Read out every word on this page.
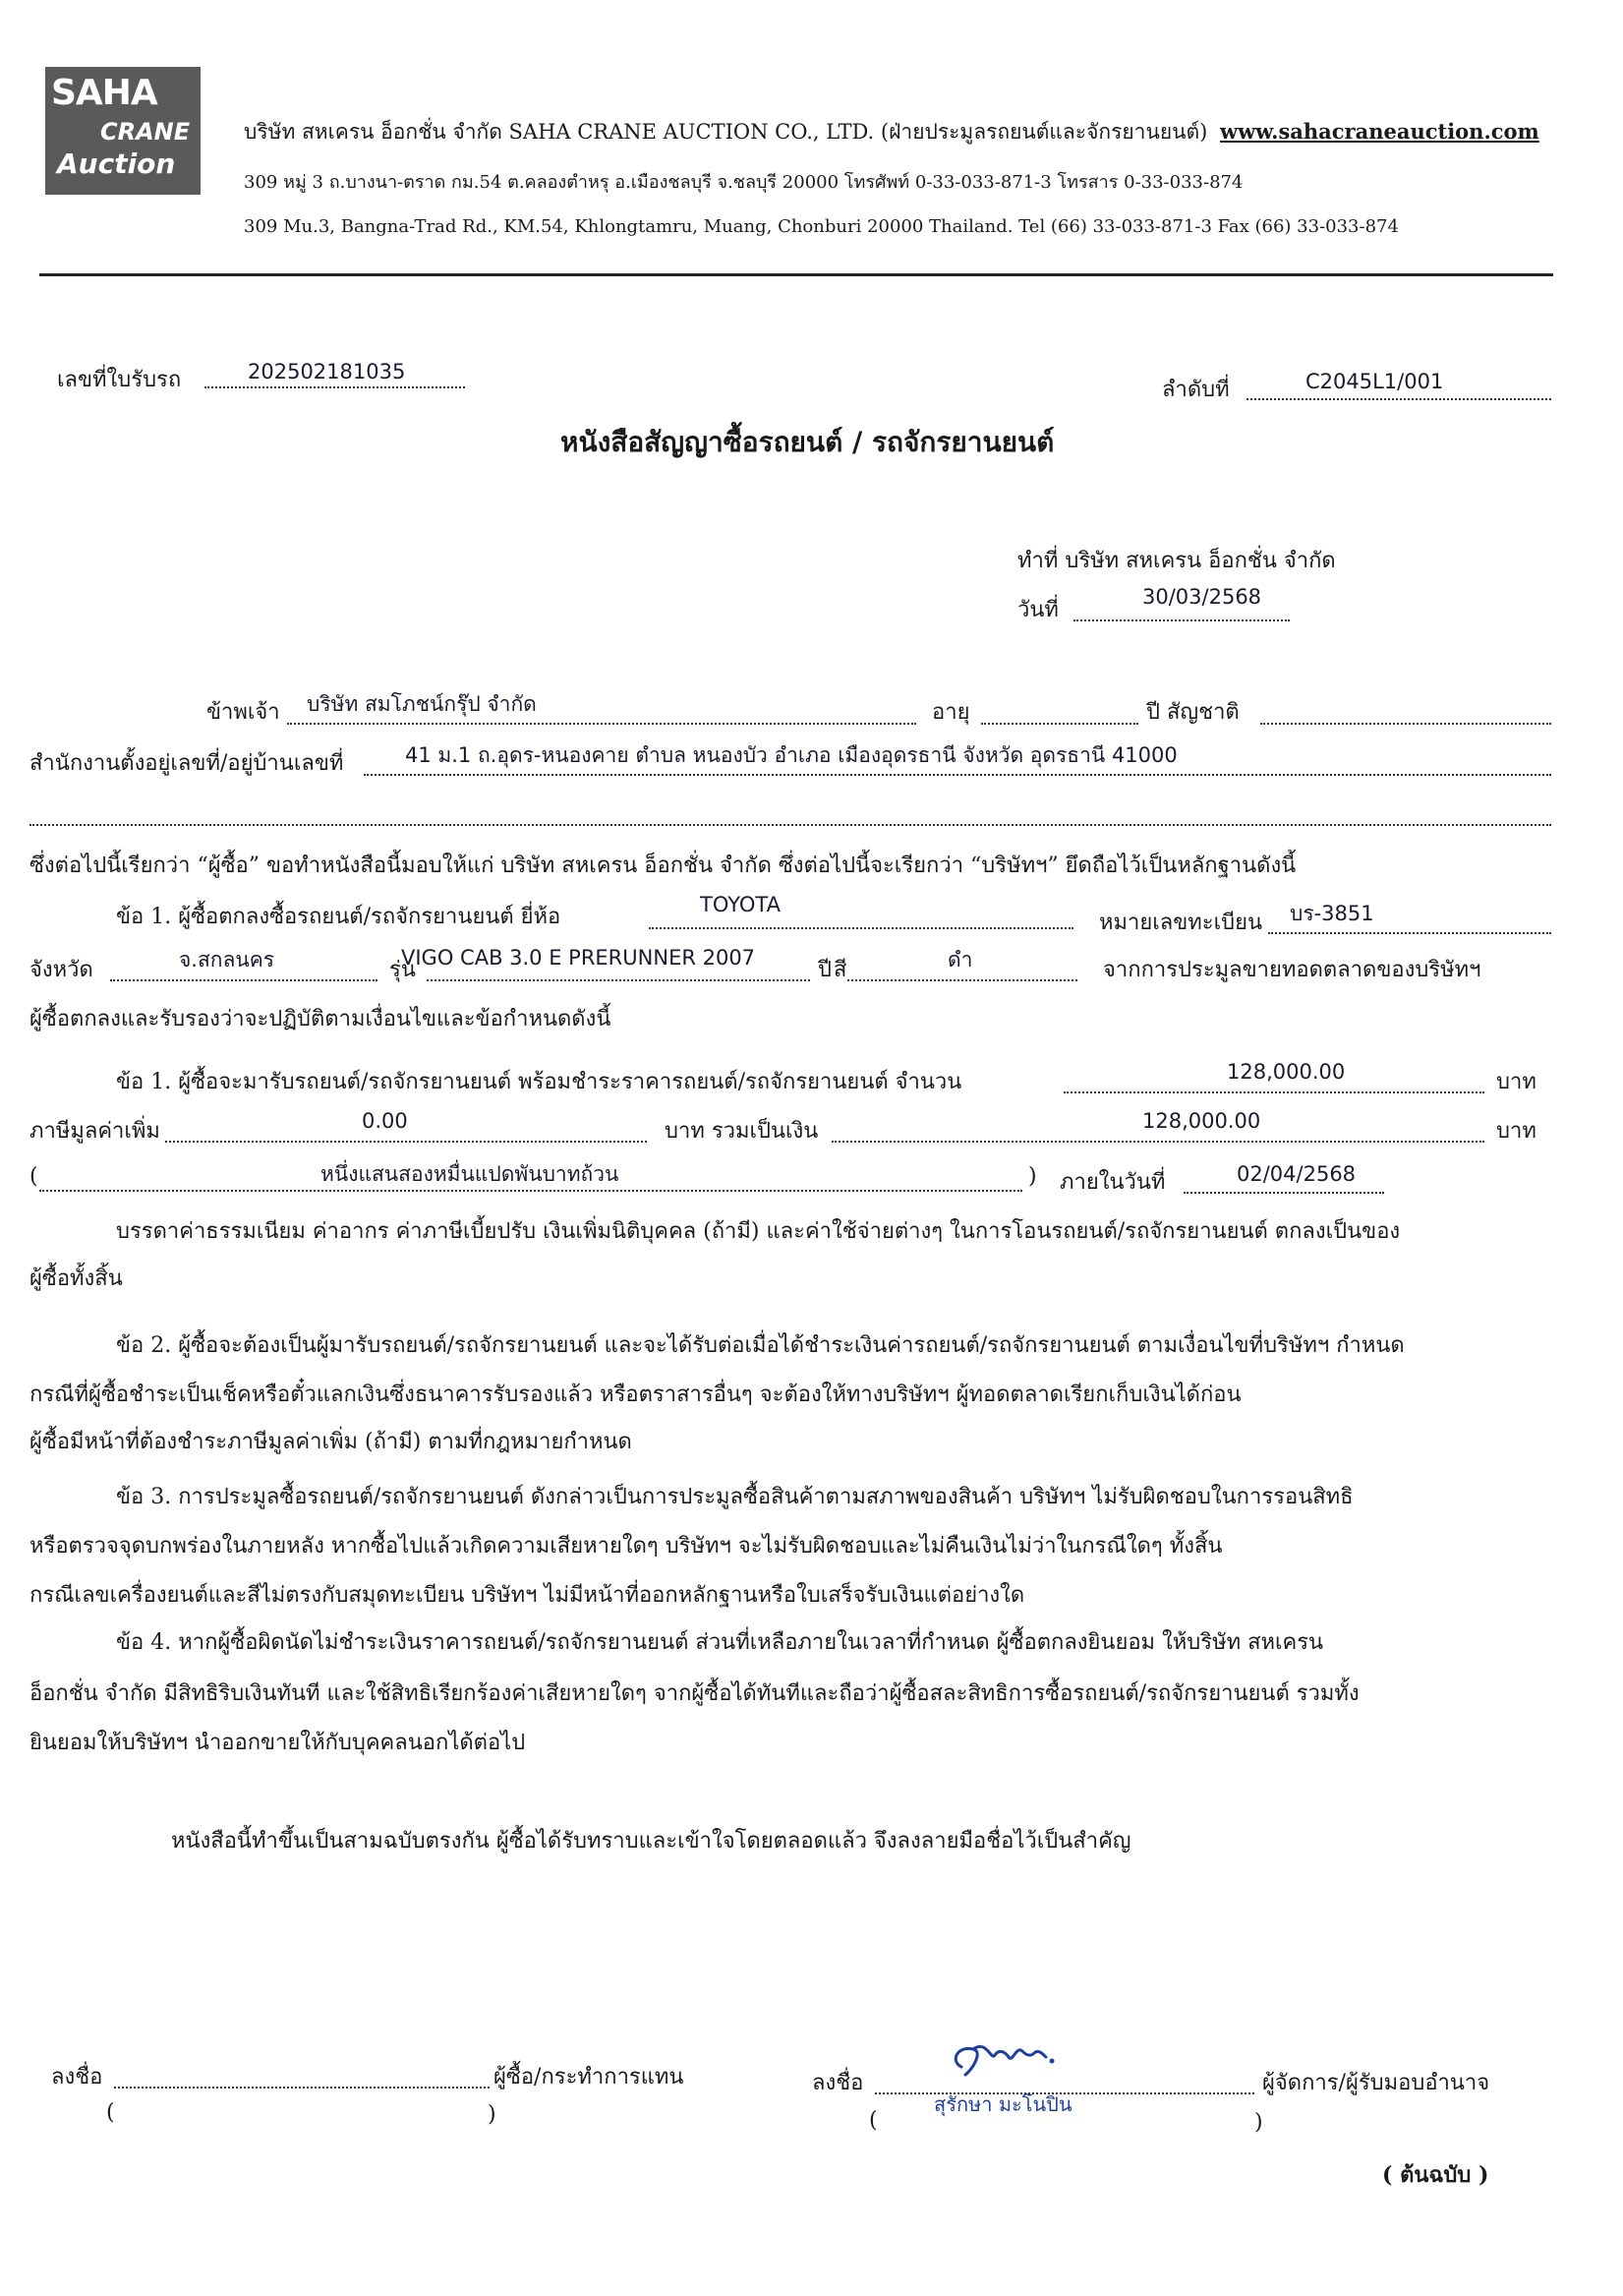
SAHA
CRANE
Auction
บริษัท สหเครน อ็อกชั่น จำกัด SAHA CRANE AUCTION CO., LTD. (ฝ่ายประมูลรถยนต์และจักรยานยนต์) www.sahacraneauction.com
309 หมู่ 3 ถ.บางนา-ตราด กม.54 ต.คลองตำหรุ อ.เมืองชลบุรี จ.ชลบุรี 20000 โทรศัพท์ 0-33-033-871-3 โทรสาร 0-33-033-874
309 Mu.3, Bangna-Trad Rd., KM.54, Khlongtamru, Muang, Chonburi 20000 Thailand. Tel (66) 33-033-871-3 Fax (66) 33-033-874
เลขที่ใบรับรถ	202502181035
ลำดับที่	C2045L1/001
หนังสือสัญญาซื้อรถยนต์ / รถจักรยานยนต์
ทำที่ บริษัท สหเครน อ็อกชั่น จำกัด
วันที่
30/03/2568
ข้าพเจ้า บริษัท สมโภชน์กรุ๊ป จำกัด	อายุ	ปี สัญชาติ
สำนักงานตั้งอยู่เลขที่/อยู่บ้านเลขที่	41 ม.1 ถ.อุดร-หนองคาย ตำบล หนองบัว อำเภอ เมืองอุดรธานี จังหวัด อุดรธานี 41000
ซึ่งต่อไปนี้เรียกว่า “ผู้ซื้อ” ขอทำหนังสือนี้มอบให้แก่ บริษัท สหเครน อ็อกชั่น จำกัด ซึ่งต่อไปนี้จะเรียกว่า “บริษัทฯ” ยึดถือไว้เป็นหลักฐานดังนี้
ข้อ 1. ผู้ซื้อตกลงซื้อรถยนต์/รถจักรยานยนต์ ยี่ห้อ	TOYOTA
หมายเลขทะเบียน บร-3851
จังหวัด	จ.สกลนคร	รุ่น
VIGO CAB 3.0 E PRERUNNER 2007	ปี สี	ดำ	จากการประมูลขายทอดตลาดของบริษัทฯ
ผู้ซื้อตกลงและรับรองว่าจะปฏิบัติตามเงื่อนไขและข้อกำหนดดังนี้
ข้อ 1. ผู้ซื้อจะมารับรถยนต์/รถจักรยานยนต์ พร้อมชำระราคารถยนต์/รถจักรยานยนต์ จำนวน	128,000.00	บาท
ภาษีมูลค่าเพิ่ม	0.00	บาท รวมเป็นเงิน	128,000.00	บาท
(	หนึ่งแสนสองหมื่นแปดพันบาทถ้วน	) ภายในวันที่	02/04/2568
บรรดาค่าธรรมเนียม ค่าอากร ค่าภาษีเบี้ยปรับ เงินเพิ่มนิติบุคคล (ถ้ามี) และค่าใช้จ่ายต่างๆ ในการโอนรถยนต์/รถจักรยานยนต์ ตกลงเป็นของ
ผู้ซื้อทั้งสิ้น
ข้อ 2. ผู้ซื้อจะต้องเป็นผู้มารับรถยนต์/รถจักรยานยนต์ และจะได้รับต่อเมื่อได้ชำระเงินค่ารถยนต์/รถจักรยานยนต์ ตามเงื่อนไขที่บริษัทฯ กำหนด
กรณีที่ผู้ซื้อชำระเป็นเช็คหรือตั๋วแลกเงินซึ่งธนาคารรับรองแล้ว หรือตราสารอื่นๆ จะต้องให้ทางบริษัทฯ ผู้ทอดตลาดเรียกเก็บเงินได้ก่อน
ผู้ซื้อมีหน้าที่ต้องชำระภาษีมูลค่าเพิ่ม (ถ้ามี) ตามที่กฎหมายกำหนด
ข้อ 3. การประมูลซื้อรถยนต์/รถจักรยานยนต์ ดังกล่าวเป็นการประมูลซื้อสินค้าตามสภาพของสินค้า บริษัทฯ ไม่รับผิดชอบในการรอนสิทธิ
หรือตรวจจุดบกพร่องในภายหลัง หากซื้อไปแล้วเกิดความเสียหายใดๆ บริษัทฯ จะไม่รับผิดชอบและไม่คืนเงินไม่ว่าในกรณีใดๆ ทั้งสิ้น
กรณีเลขเครื่องยนต์และสีไม่ตรงกับสมุดทะเบียน บริษัทฯ ไม่มีหน้าที่ออกหลักฐานหรือใบเสร็จรับเงินแต่อย่างใด
ข้อ 4. หากผู้ซื้อผิดนัดไม่ชำระเงินราคารถยนต์/รถจักรยานยนต์ ส่วนที่เหลือภายในเวลาที่กำหนด ผู้ซื้อตกลงยินยอม ให้บริษัท สหเครน
อ็อกชั่น จำกัด มีสิทธิริบเงินทันที และใช้สิทธิเรียกร้องค่าเสียหายใดๆ จากผู้ซื้อได้ทันทีและถือว่าผู้ซื้อสละสิทธิการซื้อรถยนต์/รถจักรยานยนต์ รวมทั้ง
ยินยอมให้บริษัทฯ นำออกขายให้กับบุคคลนอกได้ต่อไป
หนังสือนี้ทำขึ้นเป็นสามฉบับตรงกัน ผู้ซื้อได้รับทราบและเข้าใจโดยตลอดแล้ว จึงลงลายมือชื่อไว้เป็นสำคัญ
ลงชื่อ	ผู้ซื้อ/กระทำการแทน
(	)
ลงชื่อ	ผู้จัดการ/ผู้รับมอบอำนาจ
(
สุรักษา มะโนปิน
)
( ต้นฉบับ )
